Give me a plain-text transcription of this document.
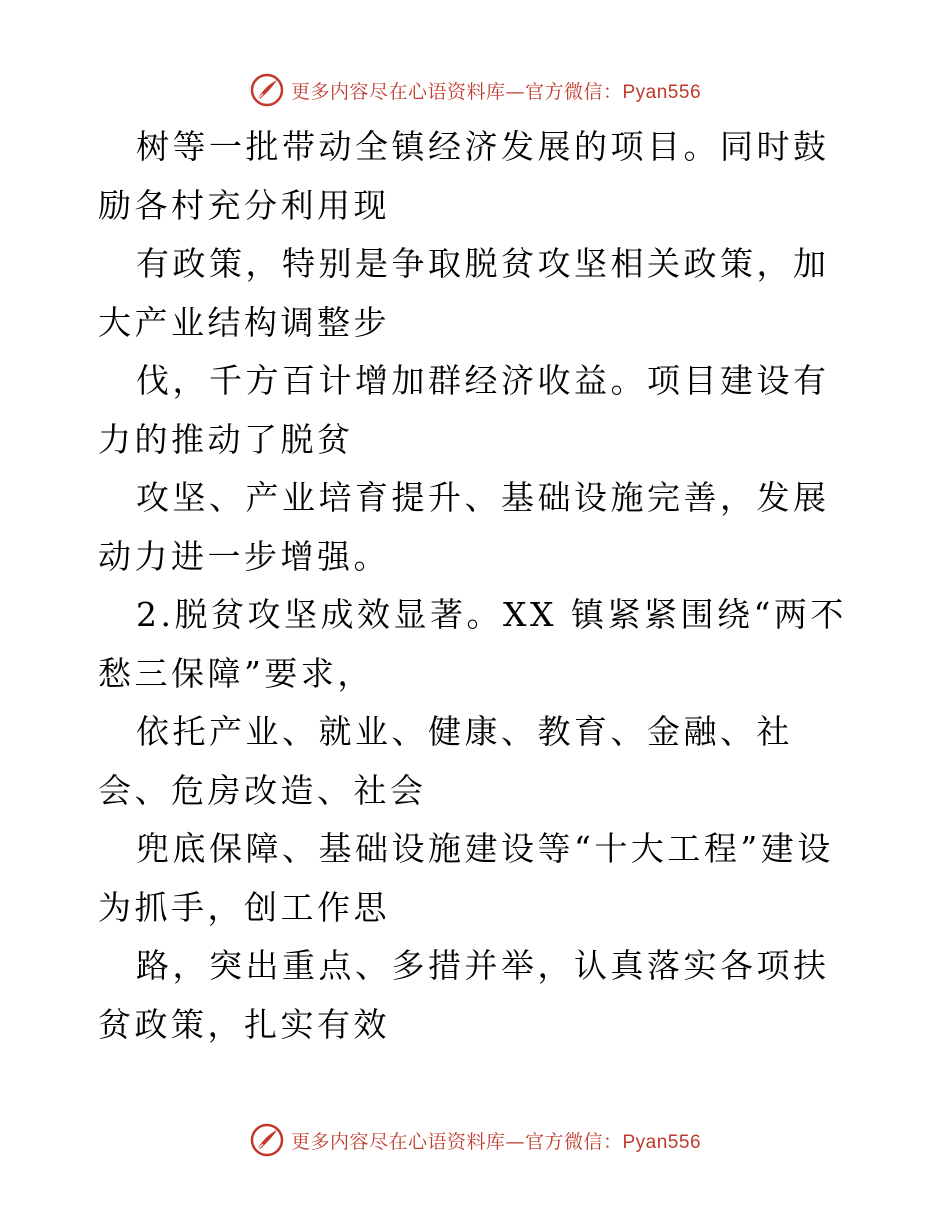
更多内容尽在心语资料库—官方微信：Pyan556

树等一批带动全镇经济发展的项目。同时鼓励各村充分利用现

有政策，特别是争取脱贫攻坚相关政策，加大产业结构调整步

伐，千方百计增加群经济收益。项目建设有力的推动了脱贫

攻坚、产业培育提升、基础设施完善，发展动力进一步增强。

2.脱贫攻坚成效显著。XX 镇紧紧围绕“两不愁三保障”要求，

依托产业、就业、健康、教育、金融、社会、危房改造、社会

兜底保障、基础设施建设等“十大工程”建设为抓手，创工作思

路，突出重点、多措并举，认真落实各项扶贫政策，扎实有效

更多内容尽在心语资料库—官方微信：Pyan556
